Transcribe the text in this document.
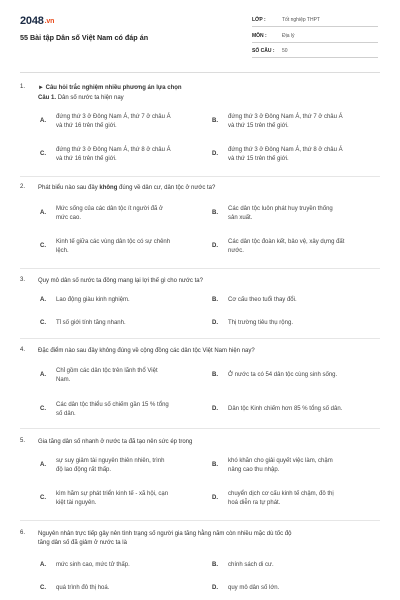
2048.vn
55 Bài tập Dân số Việt Nam có đáp án
LỚP :	Tốt nghiệp THPT
MÔN :	Địa lý
SỐ CÂU : 50
1. ► Câu hỏi trắc nghiệm nhiều phương án lựa chọn
Câu 1. Dân số nước ta hiện nay
A.
đứng thứ 3 ở Đông Nam Á, thứ 7 ở châu Á
và thứ 16 trên thế giới.
B.
đứng thứ 3 ở Đông Nam Á, thứ 7 ở châu Á
và thứ 15 trên thế giới.
C.
đứng thứ 3 ở Đông Nam Á, thứ 8 ở châu Á
và thứ 16 trên thế giới.
D.
đứng thứ 3 ở Đông Nam Á, thứ 8 ở châu Á
và thứ 15 trên thế giới.
2. Phát biểu nào sau đây không đúng về dân cư, dân tộc ở nước ta?
A.
Mức sống của các dân tộc ít người đã ở
mức cao.
B.
Các dân tộc luôn phát huy truyền thống
sản xuất.
C.
Kinh tế giữa các vùng dân tộc có sự chênh
lệch.
D.
Các dân tộc đoàn kết, bảo vệ, xây dựng đất
nước.
3. Quy mô dân số nước ta đông mang lại lợi thế gì cho nước ta?
A. Lao động giàu kinh nghiệm.	B. Cơ cấu theo tuổi thay đổi.
C. Tỉ số giới tính tăng nhanh.	D. Thị trường tiêu thụ rộng.
4. Đặc điểm nào sau đây không đúng về cộng đồng các dân tộc Việt Nam hiện nay?
A.
Chỉ gồm các dân tộc trên lãnh thổ Việt
Nam.
B. Ở nước ta có 54 dân tộc cùng sinh sống.
C.
Các dân tộc thiểu số chiếm gần 15 % tổng
số dân.
D. Dân tộc Kinh chiếm hơn 85 % tổng số dân.
5. Gia tăng dân số nhanh ở nước ta đã tạo nên sức ép trong
A.
sự suy giảm tài nguyên thiên nhiên, trình
độ lao động rất thấp.
B.
khó khăn cho giải quyết việc làm, chậm
nâng cao thu nhập.
C.
kìm hãm sự phát triển kinh tế - xã hội, cạn
kiệt tài nguyên.
D.
chuyển dịch cơ cấu kinh tế chậm, đô thị
hoá diễn ra tự phát.
6. Nguyên nhân trực tiếp gây nên tình trạng số người gia tăng hằng năm còn nhiều mặc dù tốc độ
tăng dân số đã giảm ở nước ta là
A. mức sinh cao, mức tử thấp.	B. chính sách di cư.
C. quá trình đô thị hoá.	D. quy mô dân số lớn.
